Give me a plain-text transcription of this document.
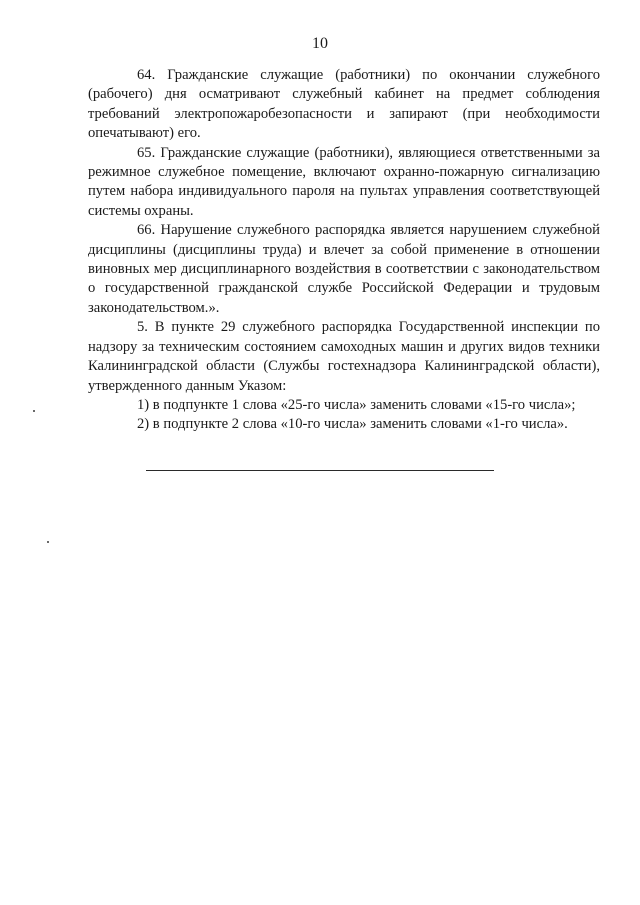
10

64. Гражданские служащие (работники) по окончании служебного (рабочего) дня осматривают служебный кабинет на предмет соблюдения требований электропожаробезопасности и запирают (при необходимости опечатывают) его.

65. Гражданские служащие (работники), являющиеся ответственными за режимное служебное помещение, включают охранно-пожарную сигнализацию путем набора индивидуального пароля на пультах управления соответствующей системы охраны.

66. Нарушение служебного распорядка является нарушением служебной дисциплины (дисциплины труда) и влечет за собой применение в отношении виновных мер дисциплинарного воздействия в соответствии с законодательством о государственной гражданской службе Российской Федерации и трудовым законодательством.».

5. В пункте 29 служебного распорядка Государственной инспекции по надзору за техническим состоянием самоходных машин и других видов техники Калининградской области (Службы гостехнадзора Калининградской области), утвержденного данным Указом:

1) в подпункте 1 слова «25-го числа» заменить словами «15-го числа»;

2) в подпункте 2 слова «10-го числа» заменить словами «1-го числа».
